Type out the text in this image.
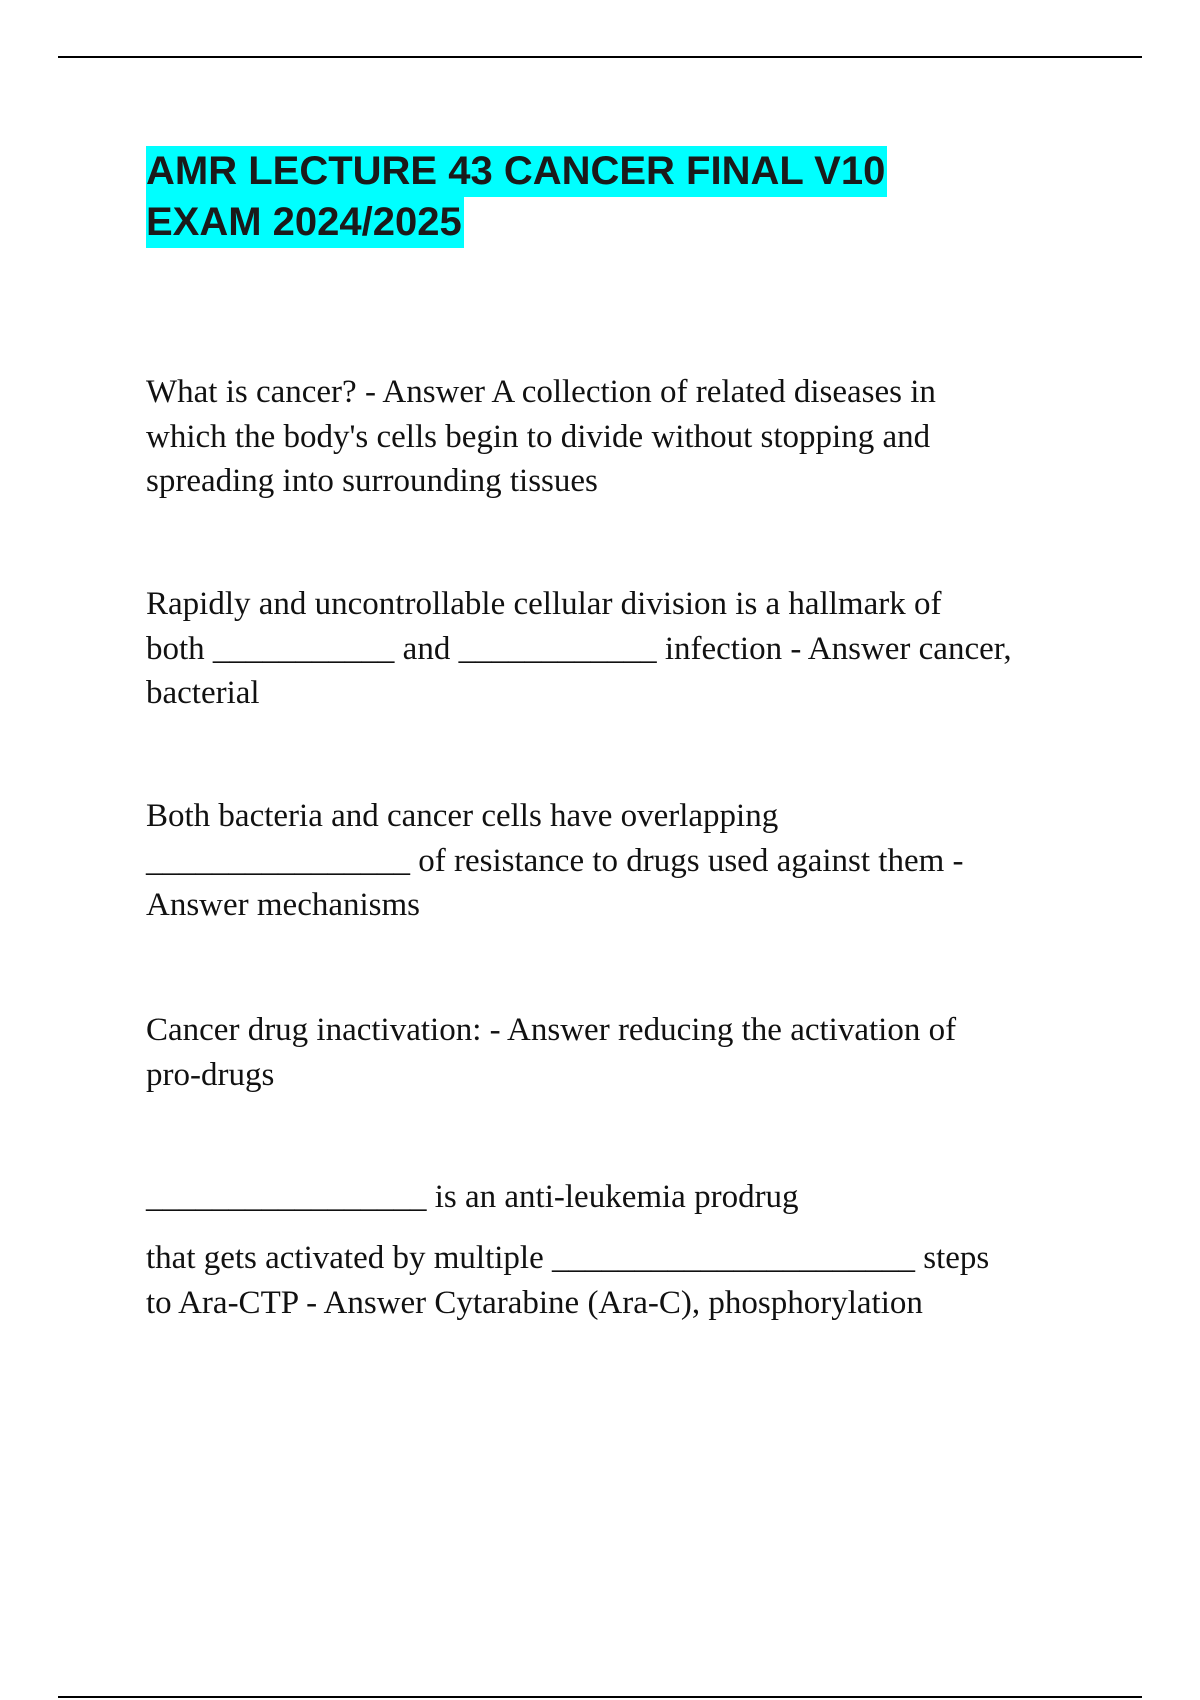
AMR LECTURE 43 CANCER FINAL V10
EXAM 2024/2025

What is cancer? - Answer A collection of related diseases in
which the body's cells begin to divide without stopping and
spreading into surrounding tissues

Rapidly and uncontrollable cellular division is a hallmark of
both ___________ and ____________ infection - Answer cancer,
bacterial

Both bacteria and cancer cells have overlapping
________________ of resistance to drugs used against them -
Answer mechanisms

Cancer drug inactivation: - Answer reducing the activation of
pro-drugs

_________________ is an anti-leukemia prodrug

that gets activated by multiple ______________________ steps
to Ara-CTP - Answer Cytarabine (Ara-C), phosphorylation
